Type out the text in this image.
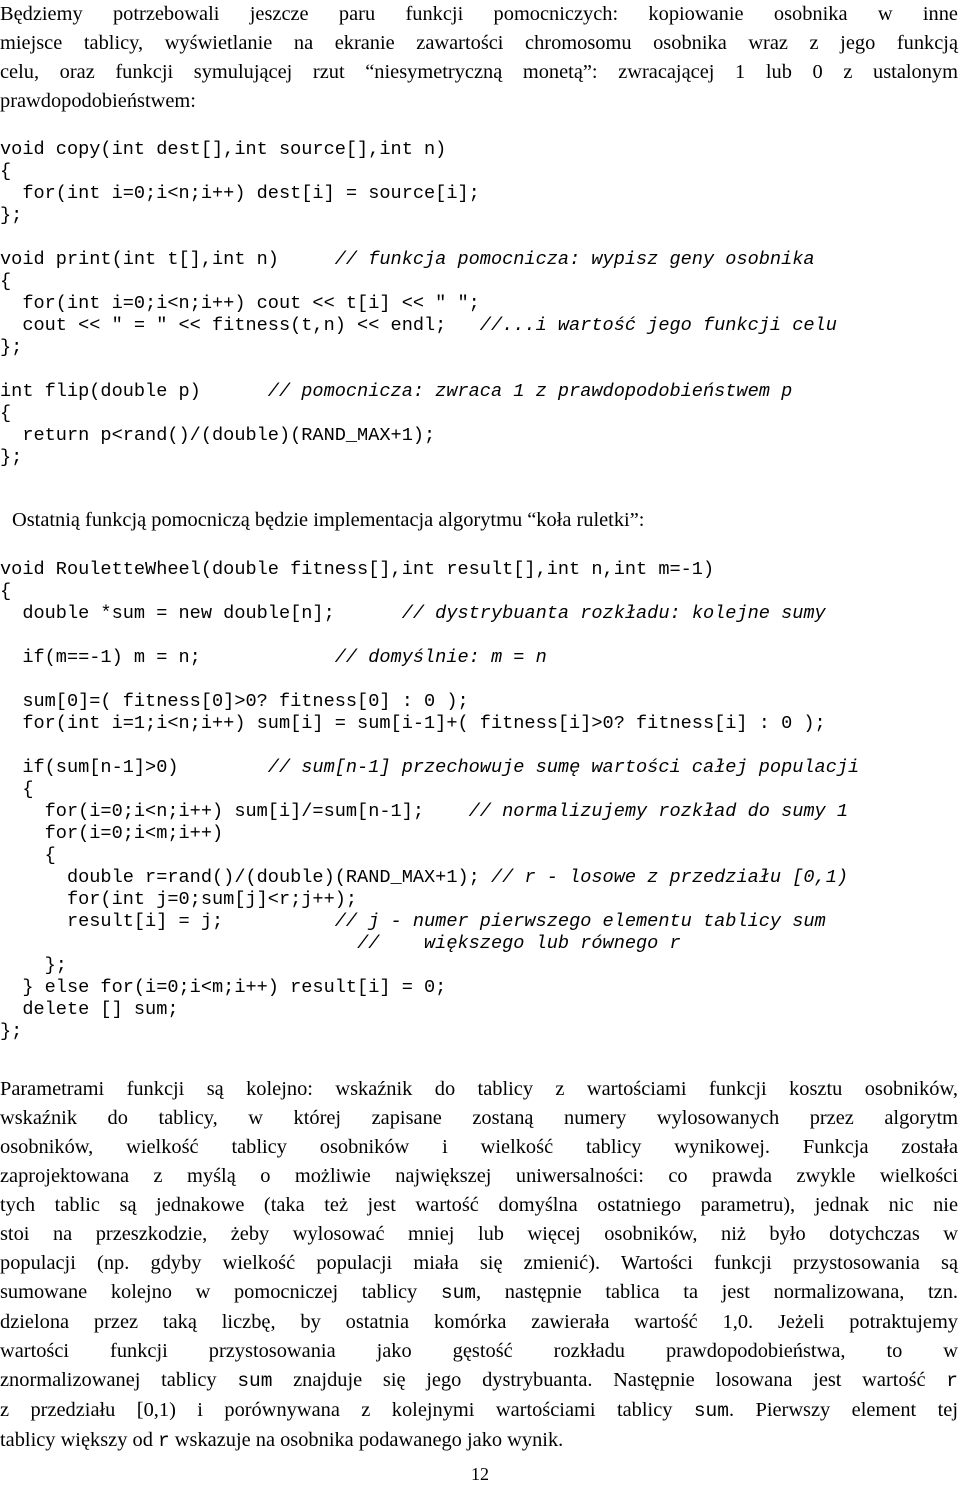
Będziemy potrzebowali jeszcze paru funkcji pomocniczych: kopiowanie osobnika w inne
miejsce tablicy, wyświetlanie na ekranie zawartości chromosomu osobnika wraz z jego funkcją
celu, oraz funkcji symulującej rzut “niesymetryczną monetą”: zwracającej 1 lub 0 z ustalonym
prawdopodobieństwem:
void copy(int dest[],int source[],int n)
{
for(int i=0;i<n;i++) dest[i] = source[i];
};
void print(int t[],int n)     // funkcja pomocnicza: wypisz geny osobnika
{
for(int i=0;i<n;i++) cout << t[i] << " ";
cout << " = " << fitness(t,n) << endl;   //...i wartość jego funkcji celu
};
int flip(double p)      // pomocnicza: zwraca 1 z prawdopodobieństwem p
{
return p<rand()/(double)(RAND_MAX+1);
};
Ostatnią funkcją pomocniczą będzie implementacja algorytmu “koła ruletki”:
void RouletteWheel(double fitness[],int result[],int n,int m=-1)
{
double *sum = new double[n];      // dystrybuanta rozkładu: kolejne sumy
if(m==-1) m = n;            // domyślnie: m = n
sum[0]=( fitness[0]>0? fitness[0] : 0 );
for(int i=1;i<n;i++) sum[i] = sum[i-1]+( fitness[i]>0? fitness[i] : 0 );
if(sum[n-1]>0)        // sum[n-1] przechowuje sumę wartości całej populacji
{
for(i=0;i<n;i++) sum[i]/=sum[n-1];    // normalizujemy rozkład do sumy 1
for(i=0;i<m;i++)
{
double r=rand()/(double)(RAND_MAX+1); // r - losowe z przedziału [0,1)
for(int j=0;sum[j]<r;j++);
result[i] = j;          // j - numer pierwszego elementu tablicy sum
//    większego lub równego r
};
} else for(i=0;i<m;i++) result[i] = 0;
delete [] sum;
};
Parametrami funkcji są kolejno: wskaźnik do tablicy z wartościami funkcji kosztu osobników,
wskaźnik do tablicy, w której zapisane zostaną numery wylosowanych przez algorytm
osobników, wielkość tablicy osobników i wielkość tablicy wynikowej. Funkcja została
zaprojektowana z myślą o możliwie największej uniwersalności: co prawda zwykle wielkości
tych tablic są jednakowe (taka też jest wartość domyślna ostatniego parametru), jednak nic nie
stoi na przeszkodzie, żeby wylosować mniej lub więcej osobników, niż było dotychczas w
populacji (np. gdyby wielkość populacji miała się zmienić). Wartości funkcji przystosowania są
sumowane kolejno w pomocniczej tablicy sum, następnie tablica ta jest normalizowana, tzn.
dzielona przez taką liczbę, by ostatnia komórka zawierała wartość 1,0. Jeżeli potraktujemy
wartości funkcji przystosowania jako gęstość rozkładu prawdopodobieństwa, to w
znormalizowanej tablicy sum znajduje się jego dystrybuanta. Następnie losowana jest wartość r
z przedziału [0,1) i porównywana z kolejnymi wartościami tablicy sum. Pierwszy element tej
tablicy większy od r wskazuje na osobnika podawanego jako wynik.
12
